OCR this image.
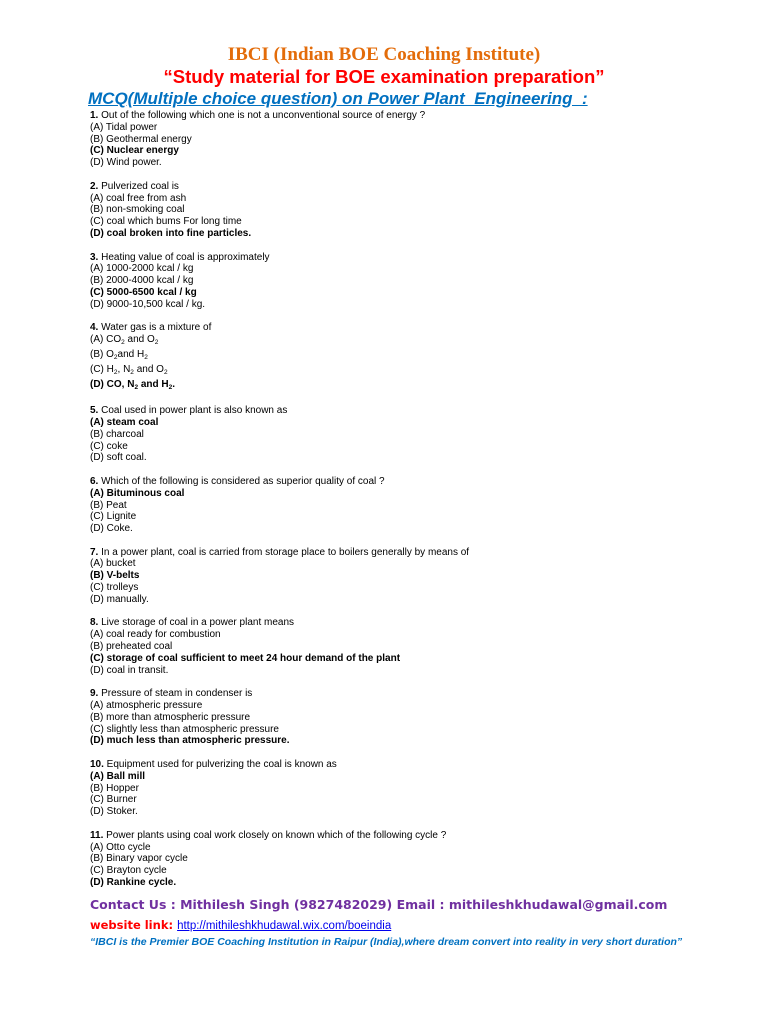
IBCI (Indian BOE Coaching Institute)
“Study material for BOE examination preparation”
MCQ(Multiple choice question) on Power Plant  Engineering  :
1. Out of the following which one is not a unconventional source of energy ?
(A) Tidal power
(B) Geothermal energy
(C) Nuclear energy
(D) Wind power.
2. Pulverized coal is
(A) coal free from ash
(B) non-smoking coal
(C) coal which bums For long time
(D) coal broken into fine particles.
3. Heating value of coal is approximately
(A) 1000-2000 kcal / kg
(B) 2000-4000 kcal / kg
(C) 5000-6500 kcal / kg
(D) 9000-10,500 kcal / kg.
4. Water gas is a mixture of
(A) $CO_2$ and $O_2$
(B) $O_2and$ $H_2$
(C) $H_2$, $N_2$ and $O_2$
(D) CO, $N_2$ and $H_2$.
5. Coal used in power plant is also known as
(A) steam coal
(B) charcoal
(C) coke
(D) soft coal.
6. Which of the following is considered as superior quality of coal ?
(A) Bituminous coal
(B) Peat
(C) Lignite
(D) Coke.
7. In a power plant, coal is carried from storage place to boilers generally by means of
(A) bucket
(B) V-belts
(C) trolleys
(D) manually.
8. Live storage of coal in a power plant means
(A) coal ready for combustion
(B) preheated coal
(C) storage of coal sufficient to meet 24 hour demand of the plant
(D) coal in transit.
9. Pressure of steam in condenser is
(A) atmospheric pressure
(B) more than atmospheric pressure
(C) slightly less than atmospheric pressure
(D) much less than atmospheric pressure.
10. Equipment used for pulverizing the coal is known as
(A) Ball mill
(B) Hopper
(C) Burner
(D) Stoker.
11. Power plants using coal work closely on known which of the following cycle ?
(A) Otto cycle
(B) Binary vapor cycle
(C) Brayton cycle
(D) Rankine cycle.
Contact Us : Mithilesh Singh (9827482029) Email : mithileshkhudawal@gmail.com
website link: http://mithileshkhudawal.wix.com/boeindia
“IBCI is the Premier BOE Coaching Institution in Raipur (India),where dream convert into reality in very short duration”
